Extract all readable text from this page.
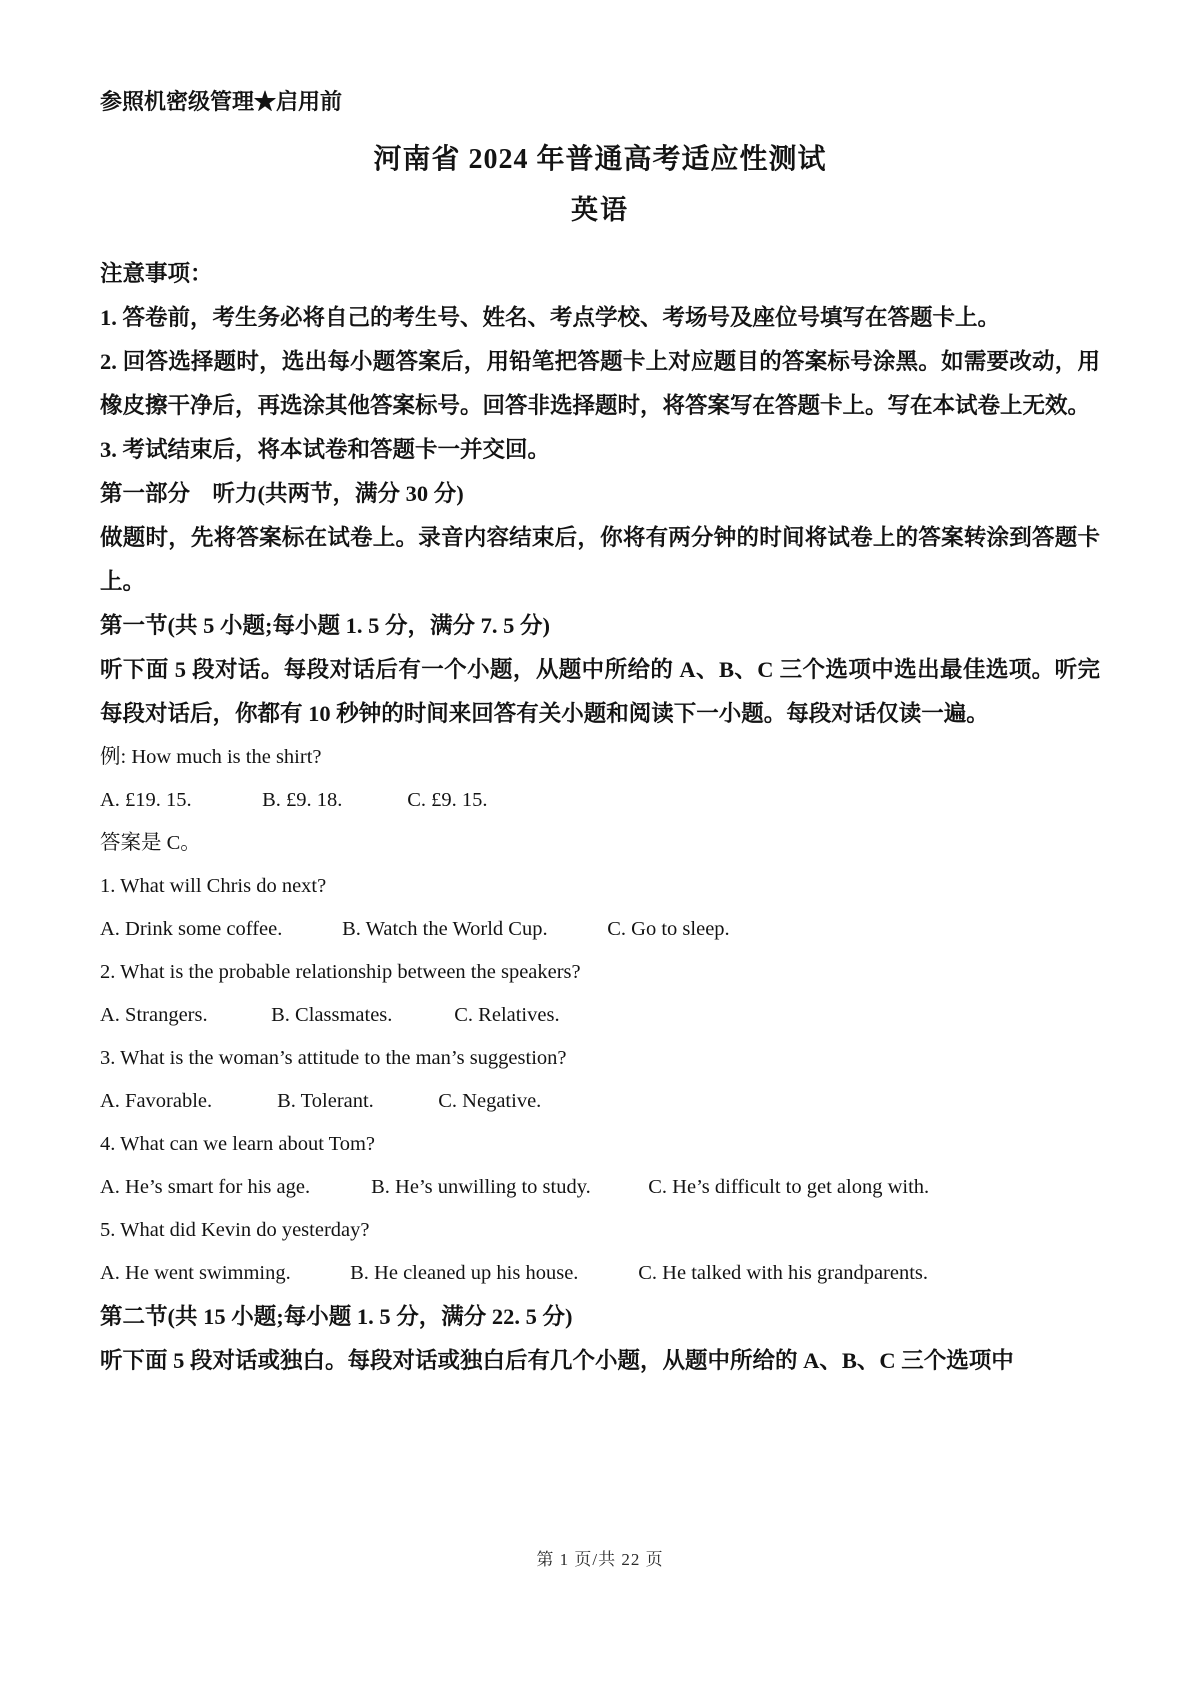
参照机密级管理★启用前
河南省 2024 年普通高考适应性测试
英语
注意事项：
1. 答卷前，考生务必将自己的考生号、姓名、考点学校、考场号及座位号填写在答题卡上。
2. 回答选择题时，选出每小题答案后，用铅笔把答题卡上对应题目的答案标号涂黑。如需要改动，用橡皮擦干净后，再选涂其他答案标号。回答非选择题时，将答案写在答题卡上。写在本试卷上无效。
3. 考试结束后，将本试卷和答题卡一并交回。
第一部分　听力(共两节，满分 30 分)
做题时，先将答案标在试卷上。录音内容结束后，你将有两分钟的时间将试卷上的答案转涂到答题卡上。
第一节(共 5 小题;每小题 1. 5 分，满分 7. 5 分)
听下面 5 段对话。每段对话后有一个小题，从题中所给的 A、B、C 三个选项中选出最佳选项。听完每段对话后，你都有 10 秒钟的时间来回答有关小题和阅读下一小题。每段对话仅读一遍。
例: How much is the shirt?
A. £19. 15.	B. £9. 18.	C. £9. 15.
答案是 C。
1. What will Chris do next?
A. Drink some coffee.	B. Watch the World Cup.	C. Go to sleep.
2. What is the probable relationship between the speakers?
A. Strangers.	B. Classmates.	C. Relatives.
3. What is the woman’s attitude to the man’s suggestion?
A. Favorable.	B. Tolerant.	C. Negative.
4. What can we learn about Tom?
A. He’s smart for his age.	B. He’s unwilling to study.	C. He’s difficult to get along with.
5. What did Kevin do yesterday?
A. He went swimming.	B. He cleaned up his house.	C. He talked with his grandparents.
第二节(共 15 小题;每小题 1. 5 分，满分 22. 5 分)
听下面 5 段对话或独白。每段对话或独白后有几个小题，从题中所给的 A、B、C 三个选项中
第 1 页/共 22 页
